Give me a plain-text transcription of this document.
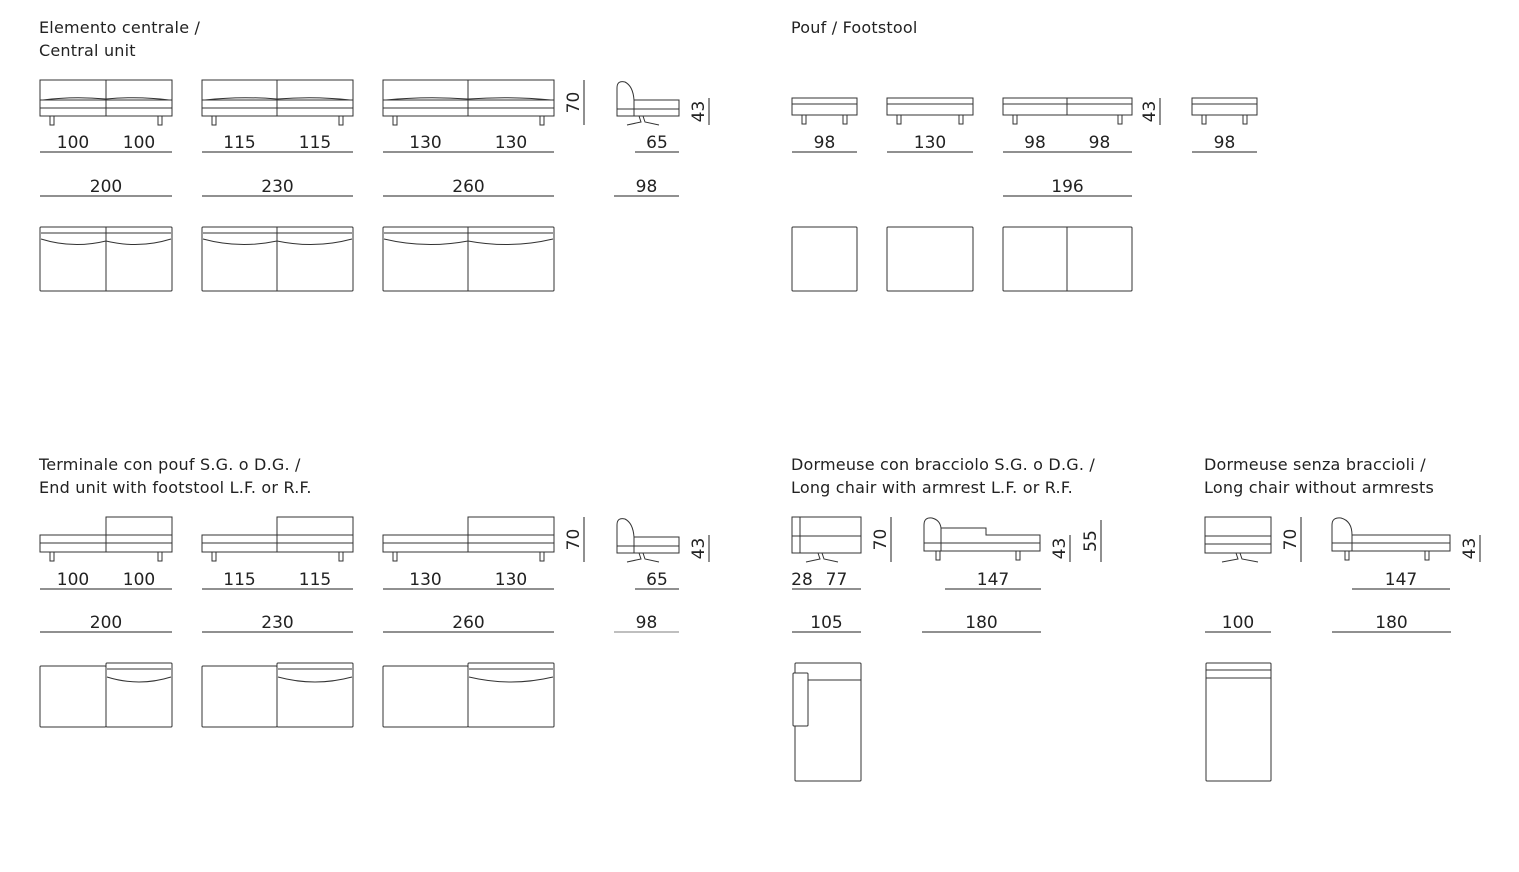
Elemento centrale /
Central unit
Pouf / Footstool
Terminale con pouf S.G. o D.G. /
End unit with footstool L.F. or R.F.
Dormeuse con bracciolo S.G. o D.G. /
Long chair with armrest L.F. or R.F.
Dormeuse senza braccioli /
Long chair without armrests
100 100
200
115	115
230
130	130
260
70
65
98
43
98	130	98	98
196
98
43
100 100
200
115	115
230
130	130
260
70
65
98
43
28 77
105
70
147
180
43 55
100
70
147
180
43
